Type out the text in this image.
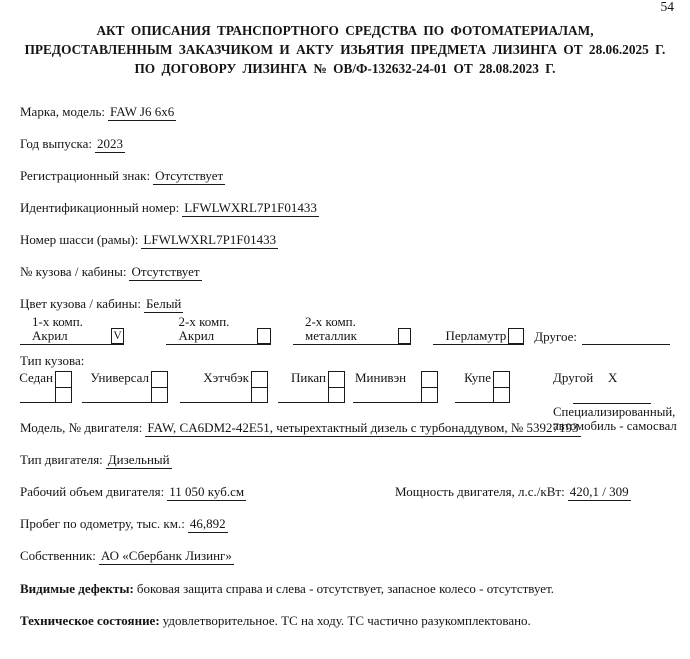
54
АКТ ОПИСАНИЯ ТРАНСПОРТНОГО СРЕДСТВА ПО ФОТОМАТЕРИАЛАМ,
ПРЕДОСТАВЛЕННЫМ ЗАКАЗЧИКОМ И АКТУ ИЗЬЯТИЯ ПРЕДМЕТА ЛИЗИНГА ОТ 28.06.2025 Г.
ПО ДОГОВОРУ ЛИЗИНГА № ОВ/Ф-132632-24-01 ОТ 28.08.2023 Г.
Марка, модель: FAW J6 6x6
Год выпуска: 2023
Регистрационный знак: Отсутствует
Идентификационный номер: LFWLWXRL7P1F01433
Номер шасси (рамы): LFWLWXRL7P1F01433
№ кузова / кабины: Отсутствует
Цвет кузова / кабины: Белый
1-х комп. Акрил	V
2-х комп. Акрил
2-х комп. металлик	Перламутр Другое:
Тип кузова:
Седан	Универсал	Хэтчбэк	Пикап Минивэн	Купе	Другой X
Специализированный,
автомобиль - самосвал
Модель, № двигателя: FAW, CA6DM2-42E51, четырехтактный дизель с турбонаддувом, № 53927193
Тип двигателя: Дизельный
Рабочий объем двигателя: 11 050 куб.см	Мощность двигателя, л.с./кВт: 420,1 / 309
Пробег по одометру, тыс. км.: 46,892
Собственник: АО «Сбербанк Лизинг»
Видимые дефекты: боковая защита справа и слева - отсутствует, запасное колесо - отсутствует.
Техническое состояние: удовлетворительное. ТС на ходу. ТС частично разукомплектовано.
